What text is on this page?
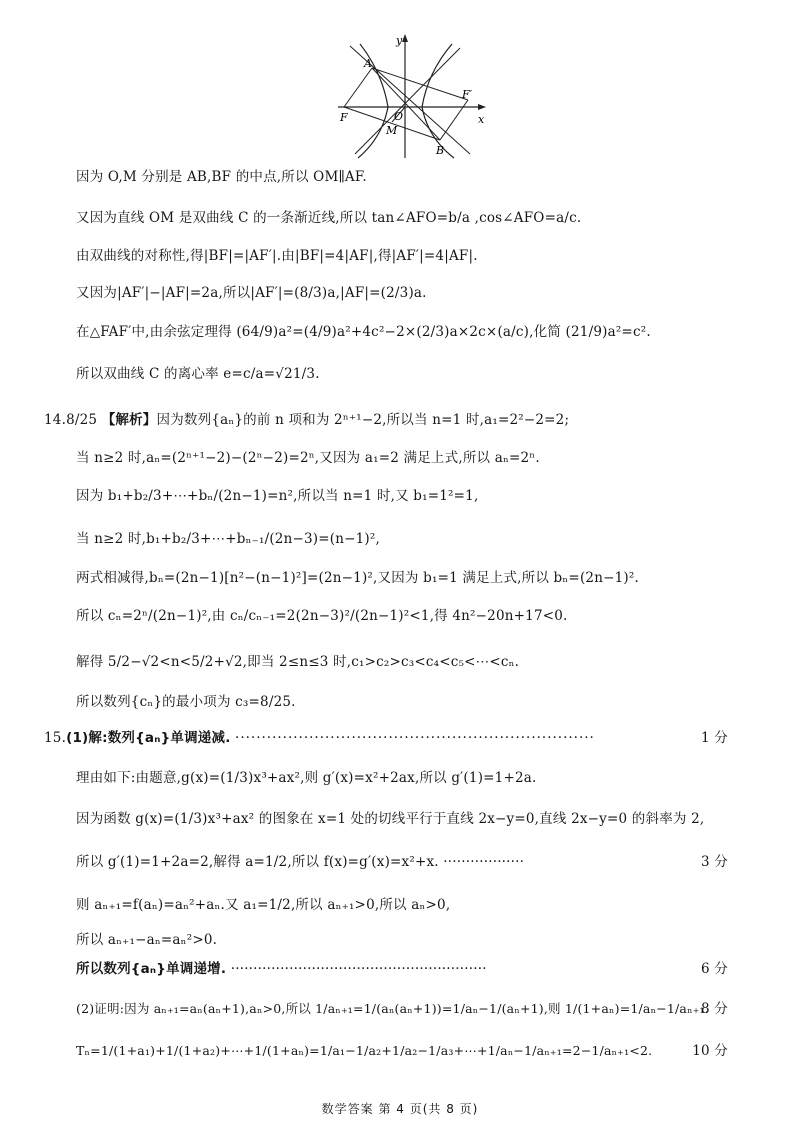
y
x
A
F
F′
O
M
B
因为 O,M 分别是 AB,BF 的中点,所以 OM∥AF.
又因为直线 OM 是双曲线 C 的一条渐近线,所以 tan∠AFO=b/a ,cos∠AFO=a/c.
由双曲线的对称性,得|BF|=|AF′|.由|BF|=4|AF|,得|AF′|=4|AF|.
又因为|AF′|−|AF|=2a,所以|AF′|=(8/3)a,|AF|=(2/3)a.
在△FAF′中,由余弦定理得 (64/9)a²=(4/9)a²+4c²−2×(2/3)a×2c×(a/c),化简 (21/9)a²=c².
所以双曲线 C 的离心率 e=c/a=√21/3.
14.8/25 【解析】因为数列{aₙ}的前 n 项和为 2ⁿ⁺¹−2,所以当 n=1 时,a₁=2²−2=2;
当 n≥2 时,aₙ=(2ⁿ⁺¹−2)−(2ⁿ−2)=2ⁿ,又因为 a₁=2 满足上式,所以 aₙ=2ⁿ.
因为 b₁+b₂/3+⋯+bₙ/(2n−1)=n²,所以当 n=1 时,又 b₁=1²=1,
当 n≥2 时,b₁+b₂/3+⋯+bₙ₋₁/(2n−3)=(n−1)²,
两式相减得,bₙ=(2n−1)[n²−(n−1)²]=(2n−1)²,又因为 b₁=1 满足上式,所以 bₙ=(2n−1)².
所以 cₙ=2ⁿ/(2n−1)²,由 cₙ/cₙ₋₁=2(2n−3)²/(2n−1)²<1,得 4n²−20n+17<0.
解得 5/2−√2<n<5/2+√2,即当 2≤n≤3 时,c₁>c₂>c₃<c₄<c₅<⋯<cₙ.
所以数列{cₙ}的最小项为 c₃=8/25.
15.(1)解:数列{aₙ}单调递减. ····································································	1 分
理由如下:由题意,g(x)=(1/3)x³+ax²,则 g′(x)=x²+2ax,所以 g′(1)=1+2a.
因为函数 g(x)=(1/3)x³+ax² 的图象在 x=1 处的切线平行于直线 2x−y=0,直线 2x−y=0 的斜率为 2,
所以 g′(1)=1+2a=2,解得 a=1/2,所以 f(x)=g′(x)=x²+x. ··················	3 分
则 aₙ₊₁=f(aₙ)=aₙ²+aₙ.又 a₁=1/2,所以 aₙ₊₁>0,所以 aₙ>0,
所以 aₙ₊₁−aₙ=aₙ²>0.
所以数列{aₙ}单调递增. ·························································	6 分
(2)证明:因为 aₙ₊₁=aₙ(aₙ+1),aₙ>0,所以 1/aₙ₊₁=1/(aₙ(aₙ+1))=1/aₙ−1/(aₙ+1),则 1/(1+aₙ)=1/aₙ−1/aₙ₊₁.
8 分
Tₙ=1/(1+a₁)+1/(1+a₂)+⋯+1/(1+aₙ)=1/a₁−1/a₂+1/a₂−1/a₃+⋯+1/aₙ−1/aₙ₊₁=2−1/aₙ₊₁<2.	10 分
数学答案 第 4 页(共 8 页)
